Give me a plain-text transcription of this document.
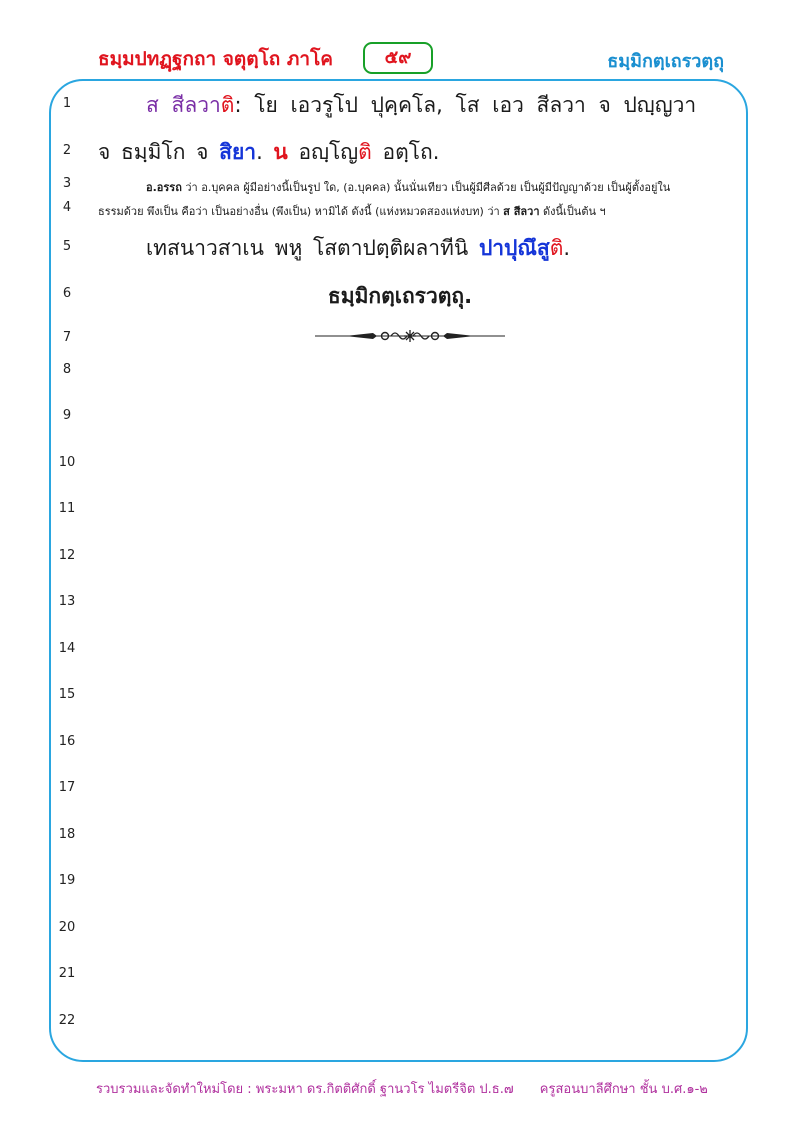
ธมฺมปทฏฺฐกถา จตุตฺโถ ภาโค	๕๙	ธมฺมิกตฺเถรวตฺถุ
1
2
3
4
5
6
7
8
9
10
11
12
13
14
15
16
17
18
19
20
21
22
ส สีลวาติ: โย เอวรูโป ปุคฺคโล, โส เอว สีลวา จ ปญฺญวา
จ ธมฺมิโก จ สิยา. น อญฺโญติ อตฺโถ.
อ.อรรถ ว่า อ.บุคคล ผู้มีอย่างนี้เป็นรูป ใด, (อ.บุคคล) นั้นนั่นเทียว เป็นผู้มีศีลด้วย เป็นผู้มีปัญญาด้วย เป็นผู้ตั้งอยู่ใน
ธรรมด้วย พึงเป็น คือว่า เป็นอย่างอื่น (พึงเป็น) หามิได้ ดังนี้ (แห่งหมวดสองแห่งบท) ว่า ส สีลวา ดังนี้เป็นต้น ฯ
เทสนาวสาเน พหู โสตาปตฺติผลาทีนิ ปาปุณึสูติ.
ธมฺมิกตฺเถรวตฺถุ.
รวบรวมและจัดทำใหม่โดย : พระมหา ดร.กิตติศักดิ์ ฐานวโร ไมตรีจิต ป.ธ.๗ ครูสอนบาลีศึกษา ชั้น บ.ศ.๑-๒
